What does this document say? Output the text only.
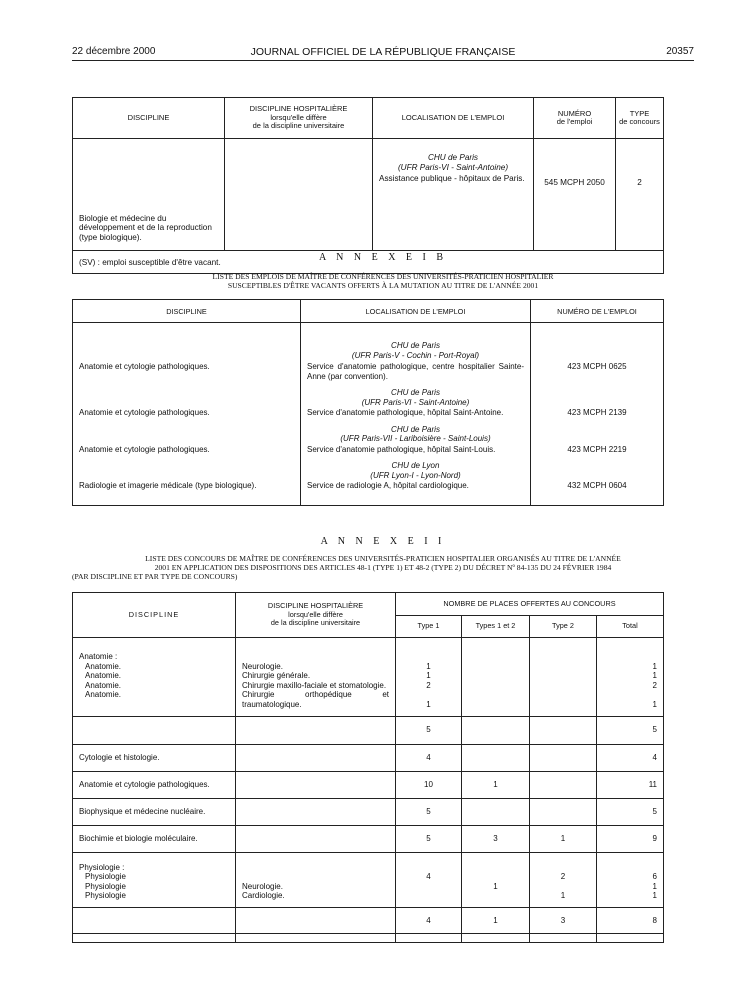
22 décembre 2000	JOURNAL OFFICIEL DE LA RÉPUBLIQUE FRANÇAISE	20357
DISCIPLINE	DISCIPLINE HOSPITALIÈRE
lorsqu'elle diffère
de la discipline universitaire	LOCALISATION DE L'EMPLOI	NUMÉRO
de l'emploi	TYPE
de concours
Biologie et médecine du développement et de la reproduction (type biologique).		CHU de Paris
(UFR Paris-VI - Saint-Antoine)
Assistance publique - hôpitaux de Paris.	545 MCPH 2050	2
(SV) : emploi susceptible d'être vacant.					A N N E X E I B
LISTE DES EMPLOIS DE MAÎTRE DE CONFÉRENCES DES UNIVERSITÉS-PRATICIEN HOSPITALIER
SUSCEPTIBLES D'ÊTRE VACANTS OFFERTS À LA MUTATION AU TITRE DE L'ANNÉE 2001
DISCIPLINE	LOCALISATION DE L'EMPLOI	NUMÉRO DE L'EMPLOI

	CHU de Paris
(UFR Paris-V - Cochin - Port-Royal)	

Anatomie et cytologie pathologiques.	Service d'anatomie pathologique, centre hospitalier Sainte-Anne (par convention).	423 MCPH 0625

	CHU de Paris
(UFR Paris-VI - Saint-Antoine)	

Anatomie et cytologie pathologiques.	Service d'anatomie pathologique, hôpital Saint-Antoine.	423 MCPH 2139

	CHU de Paris
(UFR Paris-VII - Lariboisière - Saint-Louis)	

Anatomie et cytologie pathologiques.	Service d'anatomie pathologique, hôpital Saint-Louis.	423 MCPH 2219

	CHU de Lyon
(UFR Lyon-I - Lyon-Nord)	

Radiologie et imagerie médicale (type biologique).	Service de radiologie A, hôpital cardiologique.	432 MCPH 0604

A N N E X E I I
LISTE DES CONCOURS DE MAÎTRE DE CONFÉRENCES DES UNIVERSITÉS-PRATICIEN HOSPITALIER ORGANISÉS AU TITRE DE L'ANNÉE
2001 EN APPLICATION DES DISPOSITIONS DES ARTICLES 48-1 (TYPE 1) ET 48-2 (TYPE 2) DU DÉCRET Nº 84-135 DU 24 FÉVRIER 1984
(PAR DISCIPLINE ET PAR TYPE DE CONCOURS)
DISCIPLINE	DISCIPLINE HOSPITALIÈRE
lorsqu'elle diffère
de la discipline universitaire	NOMBRE DE PLACES OFFERTES AU CONCOURS			
		Type 1	Types 1 et 2	Type 2	Total
Anatomie :					
Anatomie.	Neurologie.	1			1
Anatomie.	Chirurgie générale.	1			1
Anatomie.	Chirurgie maxillo-faciale et stomatologie.	2			2
Anatomie.	Chirurgie orthopédique et traumatologique.	1			1

		5			5
Cytologie et histologie.		4			4
Anatomie et cytologie pathologiques.		10	1		11
Biophysique et médecine nucléaire.		5			5
Biochimie et biologie moléculaire.		5	3	1	9
Physiologie :					
Physiologie		4		2	6
Physiologie	Neurologie.		1		1
Physiologie	Cardiologie.			1	1

		4	1	3	8
